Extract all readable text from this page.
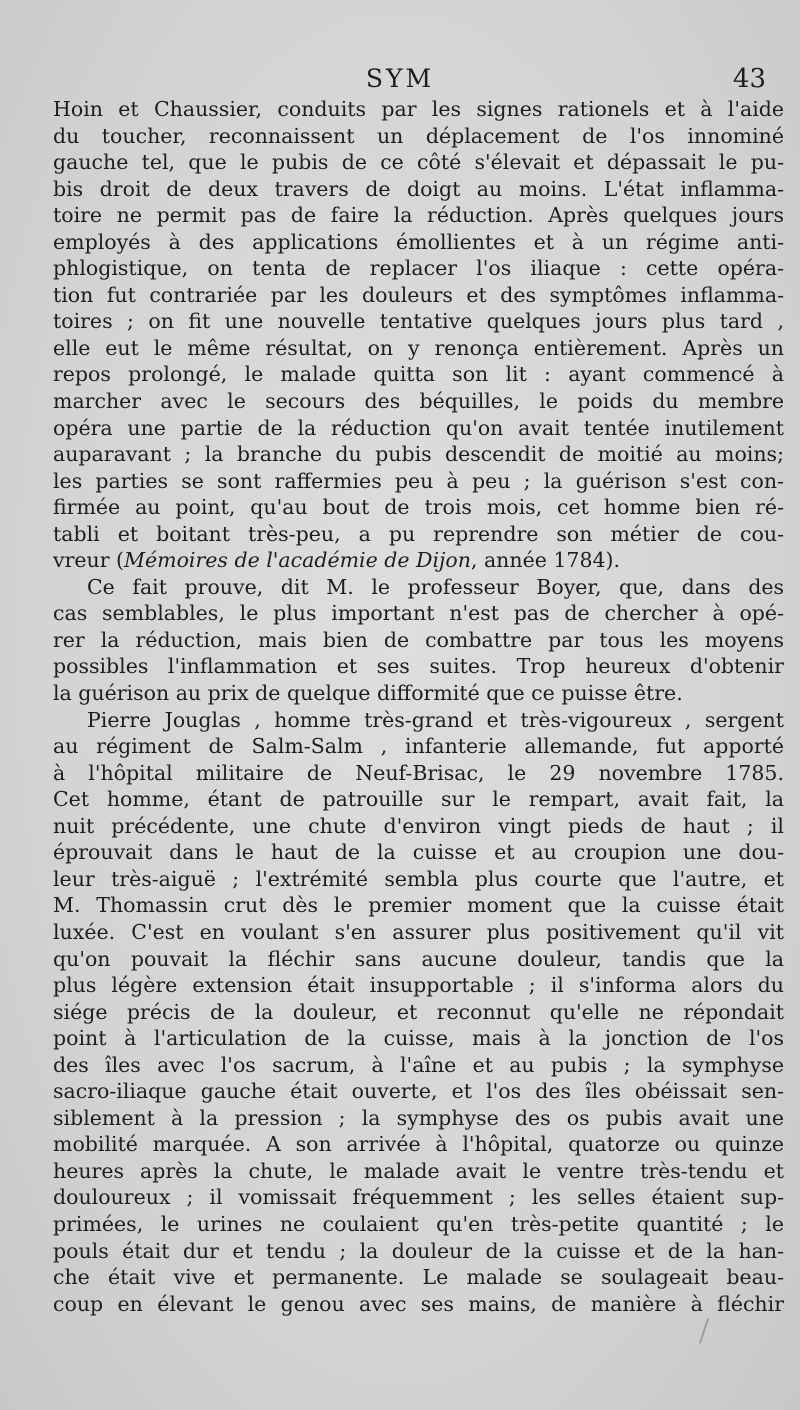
SYM	43
Hoin et Chaussier, conduits par les signes rationels et à l'aide
du toucher, reconnaissent un déplacement de l'os innominé
gauche tel, que le pubis de ce côté s'élevait et dépassait le pu-
bis droit de deux travers de doigt au moins. L'état inflamma-
toire ne permit pas de faire la réduction. Après quelques jours
employés à des applications émollientes et à un régime anti-
phlogistique, on tenta de replacer l'os iliaque : cette opéra-
tion fut contrariée par les douleurs et des symptômes inflamma-
toires ; on fit une nouvelle tentative quelques jours plus tard ,
elle eut le même résultat, on y renonça entièrement. Après un
repos prolongé, le malade quitta son lit : ayant commencé à
marcher avec le secours des béquilles, le poids du membre
opéra une partie de la réduction qu'on avait tentée inutilement
auparavant ; la branche du pubis descendit de moitié au moins;
les parties se sont raffermies peu à peu ; la guérison s'est con-
firmée au point, qu'au bout de trois mois, cet homme bien ré-
tabli et boitant très-peu, a pu reprendre son métier de cou-
vreur (Mémoires de l'académie de Dijon, année 1784).
Ce fait prouve, dit M. le professeur Boyer, que, dans des
cas semblables, le plus important n'est pas de chercher à opé-
rer la réduction, mais bien de combattre par tous les moyens
possibles l'inflammation et ses suites. Trop heureux d'obtenir
la guérison au prix de quelque difformité que ce puisse être.
Pierre Jouglas , homme très-grand et très-vigoureux , sergent
au régiment de Salm-Salm , infanterie allemande, fut apporté
à l'hôpital militaire de Neuf-Brisac, le 29 novembre 1785.
Cet homme, étant de patrouille sur le rempart, avait fait, la
nuit précédente, une chute d'environ vingt pieds de haut ; il
éprouvait dans le haut de la cuisse et au croupion une dou-
leur très-aiguë ; l'extrémité sembla plus courte que l'autre, et
M. Thomassin crut dès le premier moment que la cuisse était
luxée. C'est en voulant s'en assurer plus positivement qu'il vit
qu'on pouvait la fléchir sans aucune douleur, tandis que la
plus légère extension était insupportable ; il s'informa alors du
siége précis de la douleur, et reconnut qu'elle ne répondait
point à l'articulation de la cuisse, mais à la jonction de l'os
des îles avec l'os sacrum, à l'aîne et au pubis ; la symphyse
sacro-iliaque gauche était ouverte, et l'os des îles obéissait sen-
siblement à la pression ; la symphyse des os pubis avait une
mobilité marquée. A son arrivée à l'hôpital, quatorze ou quinze
heures après la chute, le malade avait le ventre très-tendu et
douloureux ; il vomissait fréquemment ; les selles étaient sup-
primées, le urines ne coulaient qu'en très-petite quantité ; le
pouls était dur et tendu ; la douleur de la cuisse et de la han-
che était vive et permanente. Le malade se soulageait beau-
coup en élevant le genou avec ses mains, de manière à fléchir
